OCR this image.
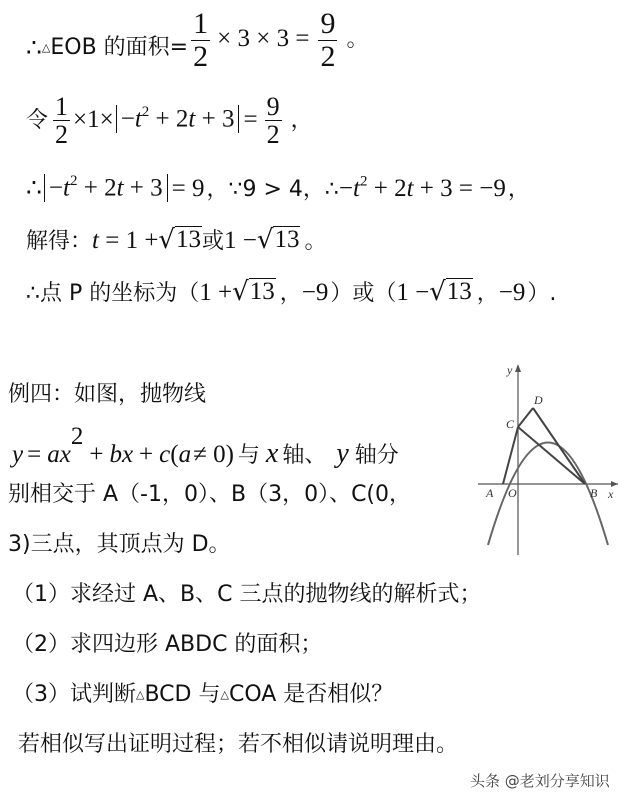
$\therefore_\triangle EOB$ 的面积= $\frac{1}{2} \times 3 \times 3 = \frac{9}{2}$ 。
令 $\frac{1}{2} \times 1\times -t^2 + 2t + 3 = \frac{9}{2}$ ，
∴ $-t^2 + 2t + 3 = 9$，∵9 > 4，$\therefore-t^2 + 2t + 3 = -9$，
解得：t = 1 + √ 13 或1 − √ 13 。
∴点 P 的坐标为（1 + √ 13 ，−9）或（1 − √ 13 ，−9）.
例四：如图，抛物线
$y = ax^2+$ bx + c(a≠ 0) 与 x 轴、 y 轴分
别相交于 A（-1，0）、B（3，0）、C(0，
3)三点，其顶点为 D。
（1）求经过 A、B、C 三点的抛物线的解析式；
（2）求四边形 ABDC 的面积；
（3）试判断△BCD 与△COA 是否相似？
若相似写出证明过程；若不相似请说明理由。
y
x
A O	B
C
D
头条 @老刘分享知识
